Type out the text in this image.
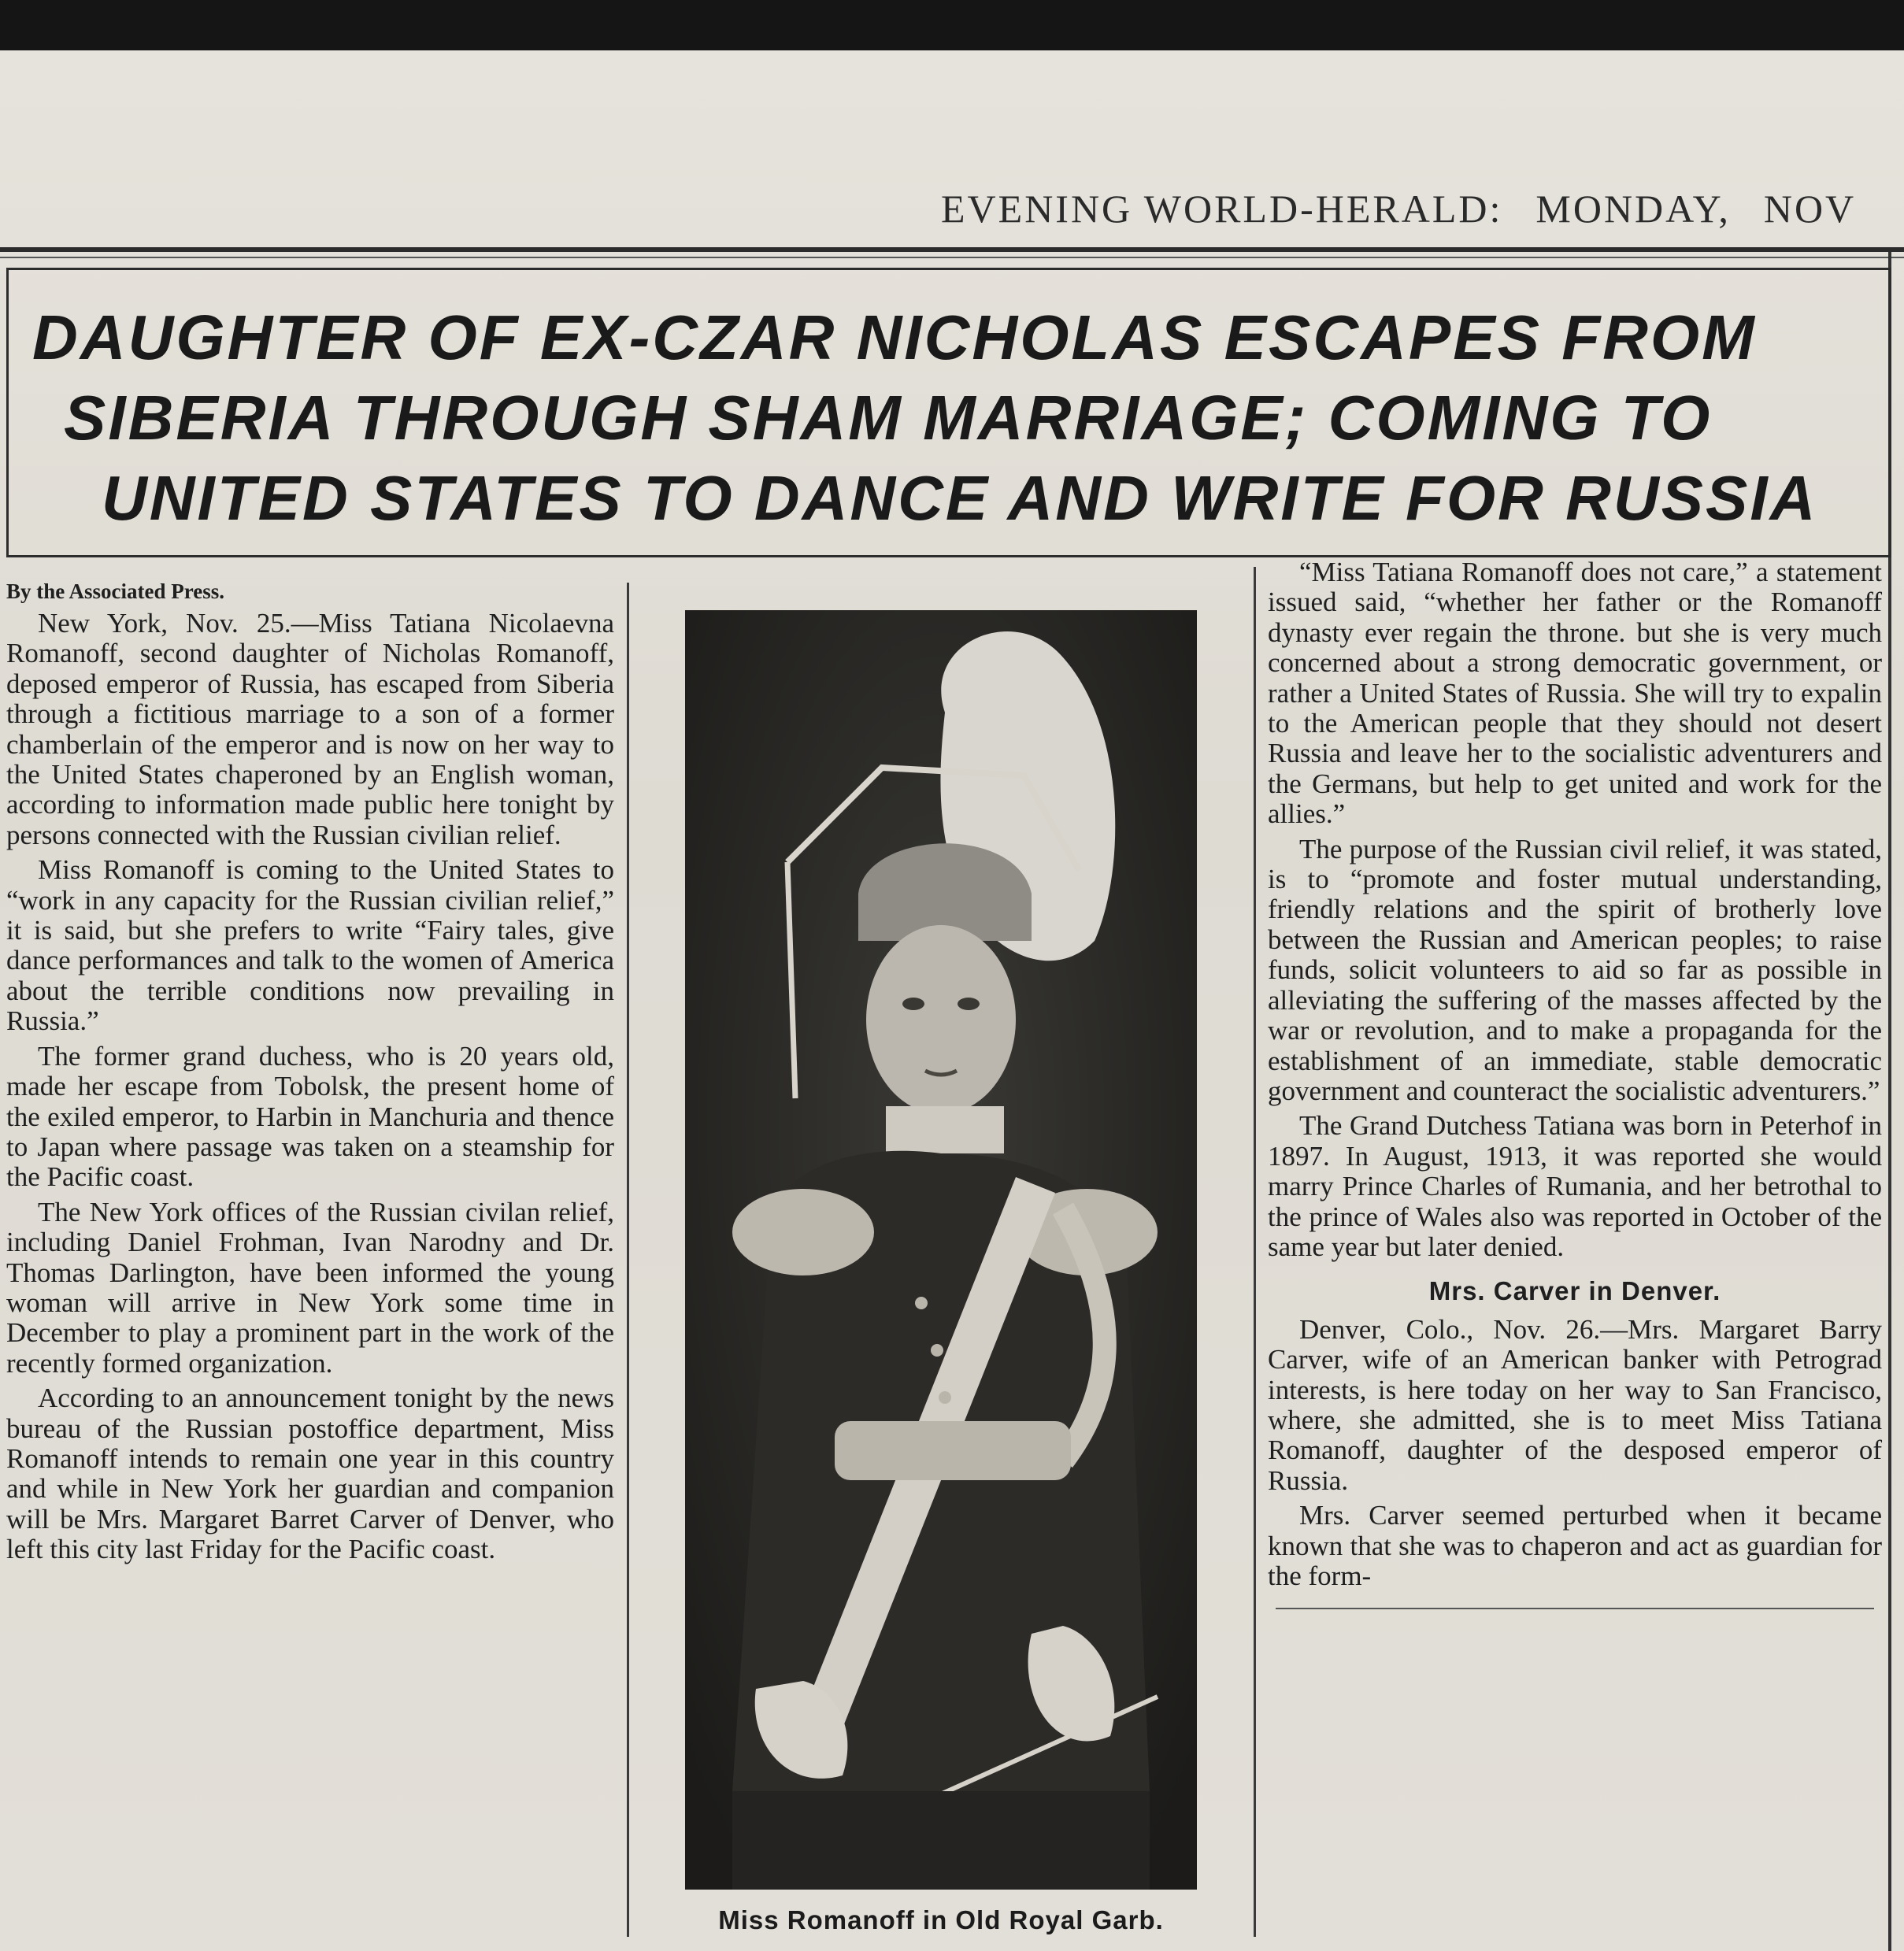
EVENING WORLD-HERALD: MONDAY, NOV
DAUGHTER OF EX-CZAR NICHOLAS ESCAPES FROM
SIBERIA THROUGH SHAM MARRIAGE; COMING TO
UNITED STATES TO DANCE AND WRITE FOR RUSSIA

By the Associated Press.

New York, Nov. 25.—Miss Tatiana Nicolaevna Romanoff, second daughter of Nicholas Romanoff, deposed emperor of Russia, has escaped from Siberia through a fictitious marriage to a son of a former chamberlain of the emperor and is now on her way to the United States chaperoned by an English woman, according to information made public here tonight by persons connected with the Russian civilian relief.

Miss Romanoff is coming to the United States to “work in any capacity for the Russian civilian relief,” it is said, but she prefers to write “Fairy tales, give dance performances and talk to the women of America about the terrible conditions now prevailing in Russia.”

The former grand duchess, who is 20 years old, made her escape from Tobolsk, the present home of the exiled emperor, to Harbin in Manchuria and thence to Japan where passage was taken on a steamship for the Pacific coast.

The New York offices of the Russian civilan relief, including Daniel Frohman, Ivan Narodny and Dr. Thomas Darlington, have been informed the young woman will arrive in New York some time in December to play a prominent part in the work of the recently formed organization.

According to an announcement tonight by the news bureau of the Russian postoffice department, Miss Romanoff intends to remain one year in this country and while in New York her guardian and companion will be Mrs. Margaret Barret Carver of Denver, who left this city last Friday for the Pacific coast.

Miss Romanoff in Old Royal Garb.

“Miss Tatiana Romanoff does not care,” a statement issued said, “whether her father or the Romanoff dynasty ever regain the throne. but she is very much concerned about a strong democratic government, or rather a United States of Russia. She will try to expalin to the American people that they should not desert Russia and leave her to the socialistic adventurers and the Germans, but help to get united and work for the allies.”

The purpose of the Russian civil relief, it was stated, is to “promote and foster mutual understanding, friendly relations and the spirit of brotherly love between the Russian and American peoples; to raise funds, solicit volunteers to aid so far as possible in alleviating the suffering of the masses affected by the war or revolution, and to make a propaganda for the establishment of an immediate, stable democratic government and counteract the socialistic adventurers.”

The Grand Dutchess Tatiana was born in Peterhof in 1897. In August, 1913, it was reported she would marry Prince Charles of Rumania, and her betrothal to the prince of Wales also was reported in October of the same year but later denied.

Mrs. Carver in Denver.

Denver, Colo., Nov. 26.—Mrs. Margaret Barry Carver, wife of an American banker with Petrograd interests, is here today on her way to San Francisco, where, she admitted, she is to meet Miss Tatiana Romanoff, daughter of the desposed emperor of Russia.

Mrs. Carver seemed perturbed when it became known that she was to chaperon and act as guardian for the form-
